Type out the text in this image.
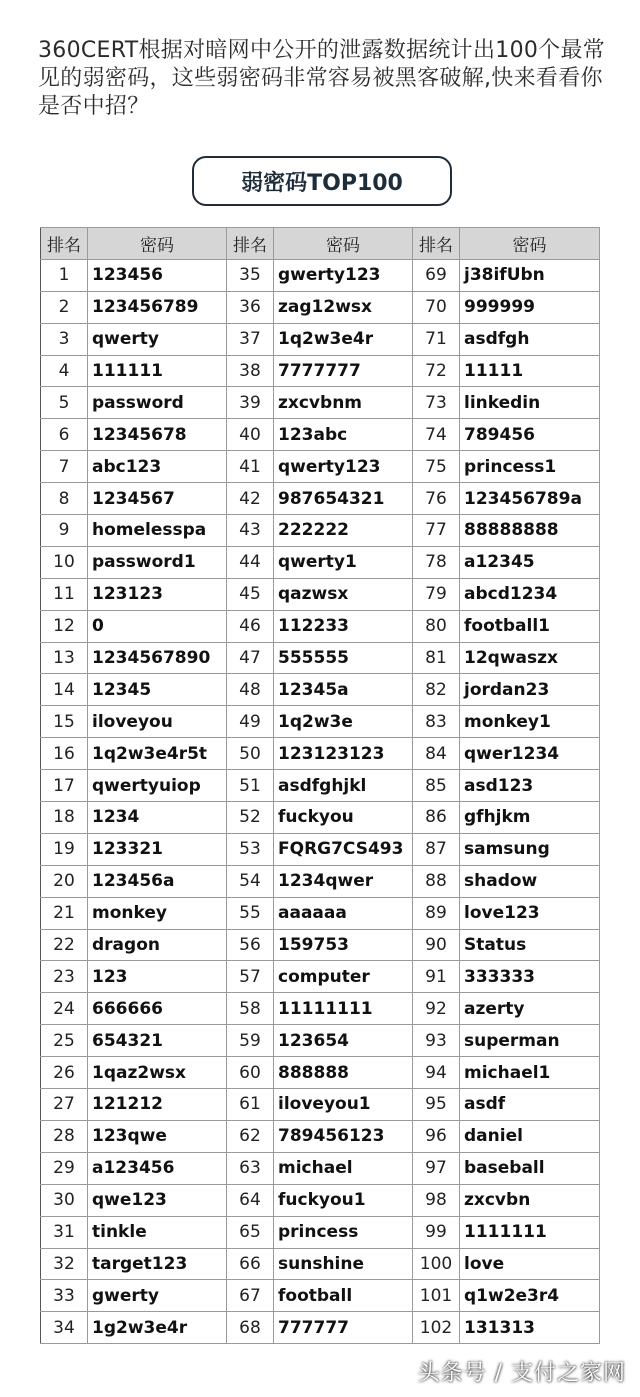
360CERT根据对暗网中公开的泄露数据统计出100个最常见的弱密码，这些弱密码非常容易被黑客破解,快来看看你是否中招？

弱密码TOP100
排名	密码	排名	密码	排名	密码
1	123456	35	gwerty123	69	j38ifUbn
2	123456789	36	zag12wsx	70	999999
3	qwerty	37	1q2w3e4r	71	asdfgh
4	111111	38	7777777	72	11111
5	password	39	zxcvbnm	73	linkedin
6	12345678	40	123abc	74	789456
7	abc123	41	qwerty123	75	princess1
8	1234567	42	987654321	76	123456789a
9	homelesspa	43	222222	77	88888888
10	password1	44	qwerty1	78	a12345
11	123123	45	qazwsx	79	abcd1234
12	0	46	112233	80	football1
13	1234567890	47	555555	81	12qwaszx
14	12345	48	12345a	82	jordan23
15	iloveyou	49	1q2w3e	83	monkey1
16	1q2w3e4r5t	50	123123123	84	qwer1234
17	qwertyuiop	51	asdfghjkl	85	asd123
18	1234	52	fuckyou	86	gfhjkm
19	123321	53	FQRG7CS493	87	samsung
20	123456a	54	1234qwer	88	shadow
21	monkey	55	aaaaaa	89	love123
22	dragon	56	159753	90	Status
23	123	57	computer	91	333333
24	666666	58	11111111	92	azerty
25	654321	59	123654	93	superman
26	1qaz2wsx	60	888888	94	michael1
27	121212	61	iloveyou1	95	asdf
28	123qwe	62	789456123	96	daniel
29	a123456	63	michael	97	baseball
30	qwe123	64	fuckyou1	98	zxcvbn
31	tinkle	65	princess	99	1111111
32	target123	66	sunshine	100	love
33	gwerty	67	football	101	q1w2e3r4
34	1g2w3e4r	68	777777	102	131313
头条号 / 支付之家网
